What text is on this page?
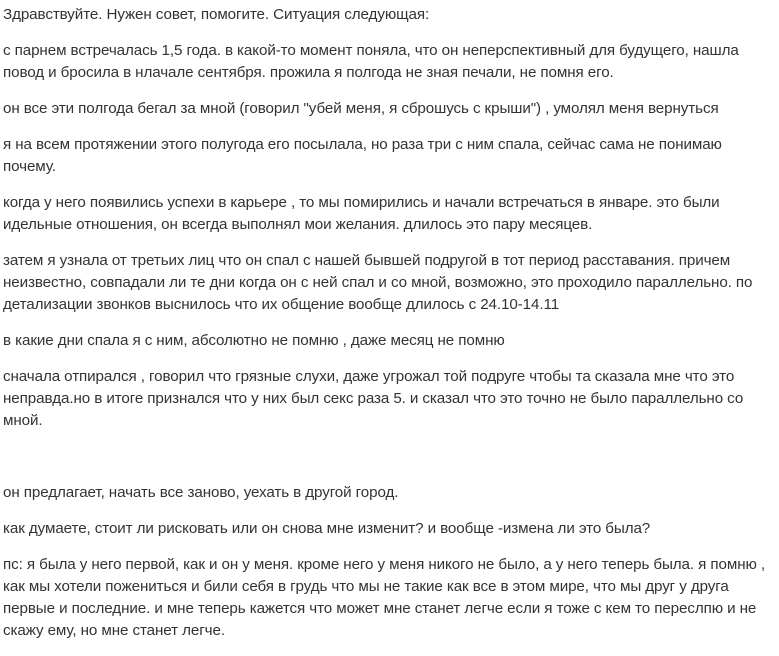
Здравствуйте. Нужен совет, помогите. Ситуация следующая:

с парнем встречалась 1,5 года. в какой-то момент поняла, что он неперспективный для будущего, нашла повод и бросила в нлачале сентября. прожила я полгода не зная печали, не помня его.

он все эти полгода бегал за мной (говорил "убей меня, я сброшусь с крыши") , умолял меня вернуться

я на всем протяжении этого полугода его посылала, но раза три с ним спала, сейчас сама не понимаю почему.

когда у него появились успехи в карьере , то мы помирились и начали встречаться в январе. это были идельные отношения, он всегда выполнял мои желания. длилось это пару месяцев.

затем я узнала от третьих лиц что он спал с нашей бывшей подругой в тот период расставания. причем неизвестно, совпадали ли те дни когда он с ней спал и со мной, возможно, это проходило параллельно. по детализации звонков выснилось что их общение вообще длилось с 24.10-14.11

в какие дни спала я с ним, абсолютно не помню , даже месяц не помню

сначала отпирался , говорил что грязные слухи, даже угрожал той подруге чтобы та сказала мне что это неправда.но в итоге признался что у них был секс раза 5. и сказал что это точно не было параллельно со мной.

он предлагает, начать все заново, уехать в другой город.

как думаете, стоит ли рисковать или он снова мне изменит? и вообще -измена ли это была?

пс: я была у него первой, как и он у меня. кроме него у меня никого не было, а у него теперь была. я помню , как мы хотели пожениться и били себя в грудь что мы не такие как все в этом мире, что мы друг у друга первые и последние. и мне теперь кажется что может мне станет легче если я тоже с кем то переслпю и не скажу ему, но мне станет легче.
